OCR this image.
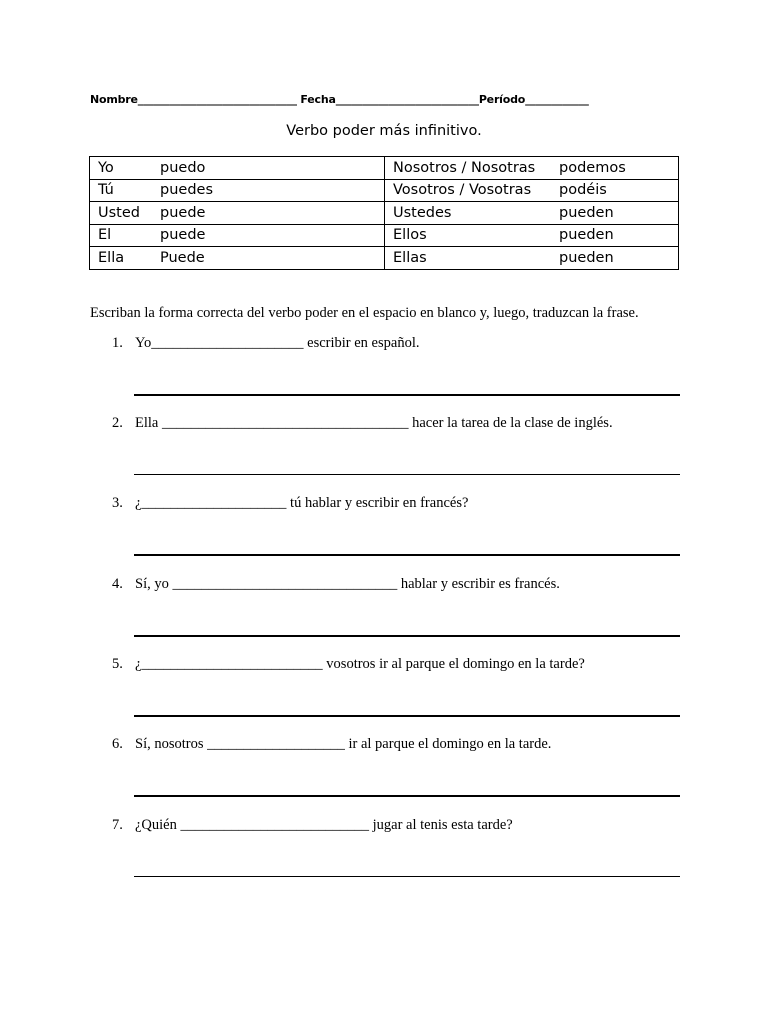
Nombre______________________________ Fecha___________________________Período____________
Verbo poder más infinitivo.
Yo puedo	Nosotros / Nosotras podemos
Tú puedes	Vosotros / Vosotras podéis
Usted puede	Ustedes pueden
El puede	Ellos pueden
Ella Puede	Ellas pueden
Escriban la forma correcta del verbo poder en el espacio en blanco y, luego, traduzcan la frase.
1. Yo_____________________ escribir en español.
2. Ella __________________________________ hacer la tarea de la clase de inglés.
3. ¿____________________ tú hablar y escribir en francés?
4. Sí, yo _______________________________ hablar y escribir es francés.
5. ¿_________________________ vosotros ir al parque el domingo en la tarde?
6. Sí, nosotros ___________________ ir al parque el domingo en la tarde.
7. ¿Quién __________________________ jugar al tenis esta tarde?
